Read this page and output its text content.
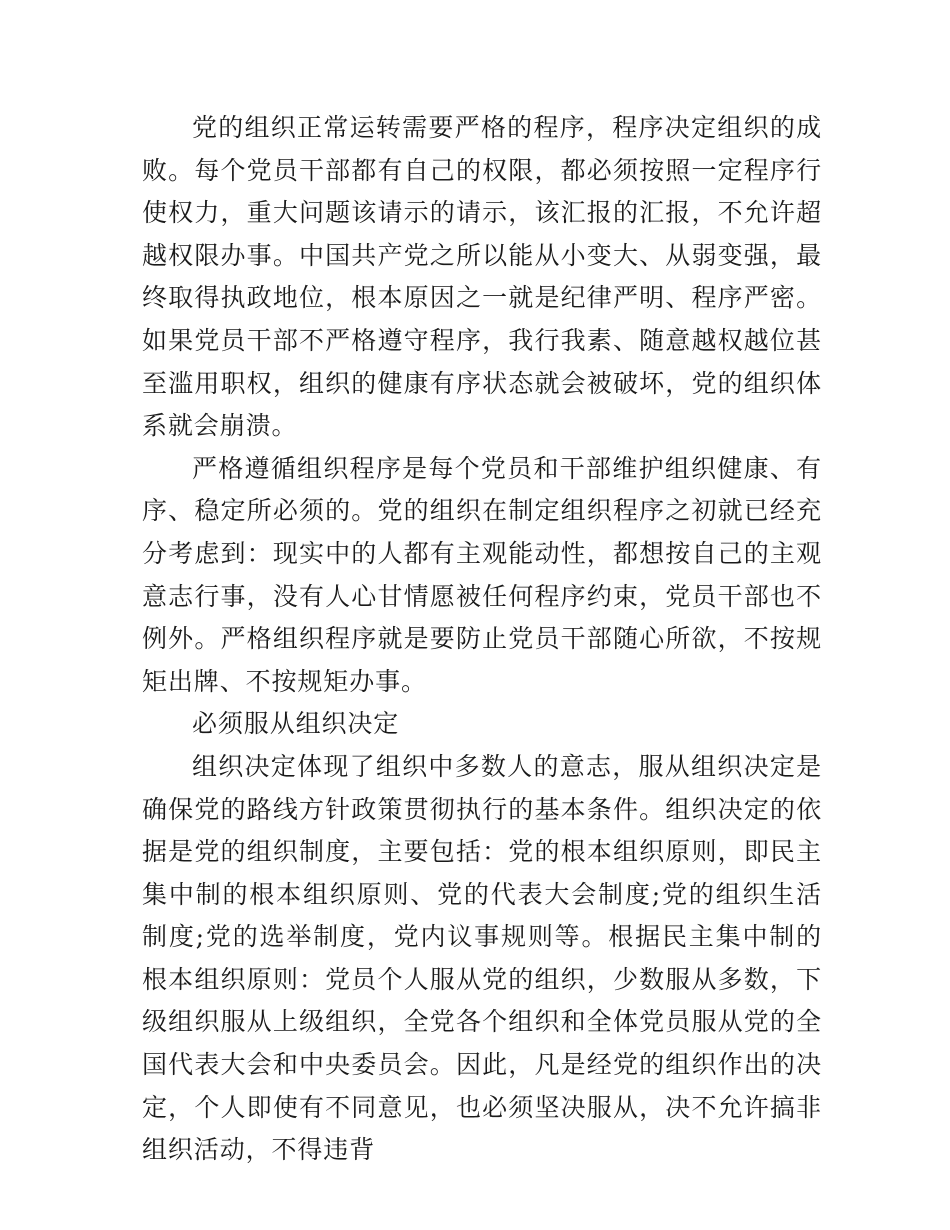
党的组织正常运转需要严格的程序，程序决定组织的成败。每个党员干部都有自己的权限，都必须按照一定程序行使权力，重大问题该请示的请示，该汇报的汇报，不允许超越权限办事。中国共产党之所以能从小变大、从弱变强，最终取得执政地位，根本原因之一就是纪律严明、程序严密。如果党员干部不严格遵守程序，我行我素、随意越权越位甚至滥用职权，组织的健康有序状态就会被破坏，党的组织体系就会崩溃。

严格遵循组织程序是每个党员和干部维护组织健康、有序、稳定所必须的。党的组织在制定组织程序之初就已经充分考虑到：现实中的人都有主观能动性，都想按自己的主观意志行事，没有人心甘情愿被任何程序约束，党员干部也不例外。严格组织程序就是要防止党员干部随心所欲，不按规矩出牌、不按规矩办事。

必须服从组织决定

组织决定体现了组织中多数人的意志，服从组织决定是确保党的路线方针政策贯彻执行的基本条件。组织决定的依据是党的组织制度，主要包括：党的根本组织原则，即民主集中制的根本组织原则、党的代表大会制度;党的组织生活制度;党的选举制度，党内议事规则等。根据民主集中制的根本组织原则：党员个人服从党的组织，少数服从多数，下级组织服从上级组织，全党各个组织和全体党员服从党的全国代表大会和中央委员会。因此，凡是经党的组织作出的决定，个人即使有不同意见，也必须坚决服从，决不允许搞非组织活动，不得违背
